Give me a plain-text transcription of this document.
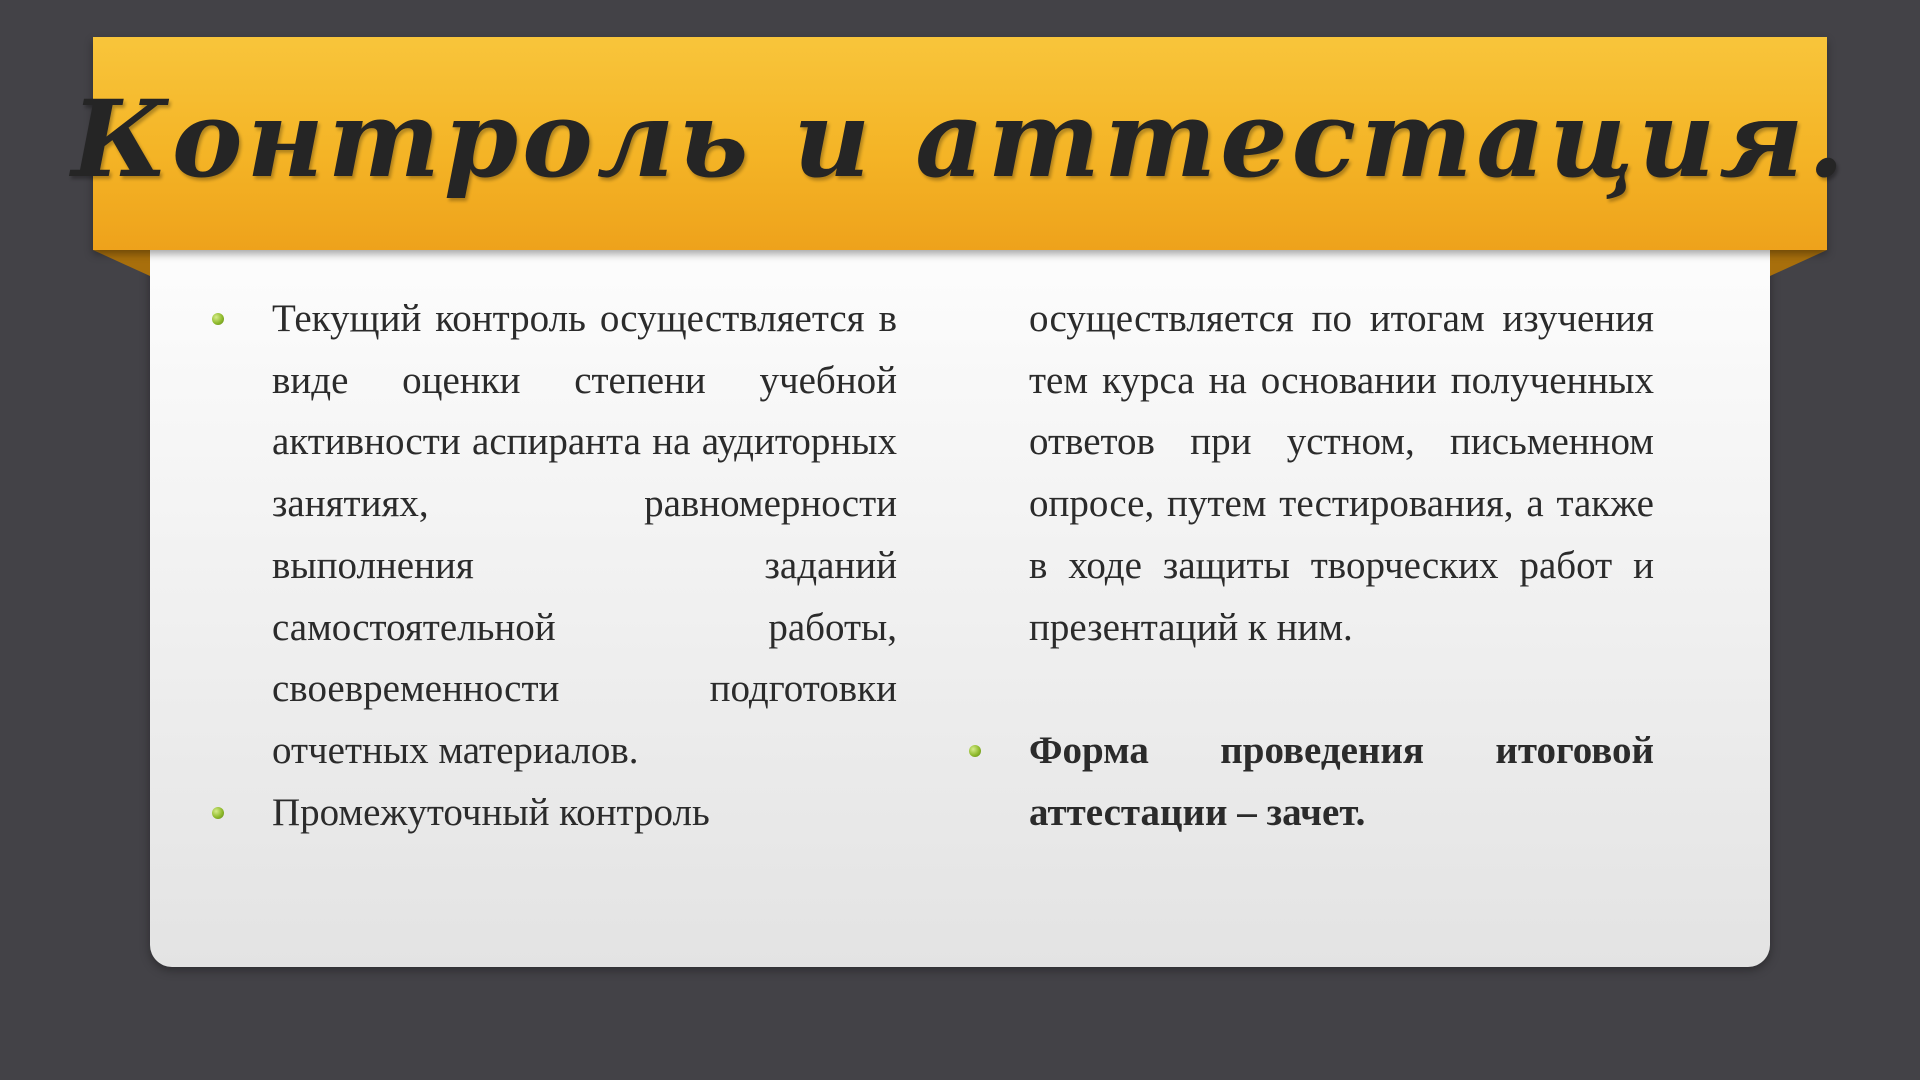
Контроль и аттестация.

Текущий контроль осуществляется в виде оценки степени учебной активности аспиранта на аудиторных занятиях, равномерности выполнения заданий самостоятельной работы, своевременности подготовки отчетных материалов.

Промежуточный контроль

осуществляется по итогам изучения тем курса на основании полученных ответов при устном, письменном опросе, путем тестирования, а также в ходе защиты творческих работ и презентаций к ним.

Форма проведения итоговой аттестации – зачет.
